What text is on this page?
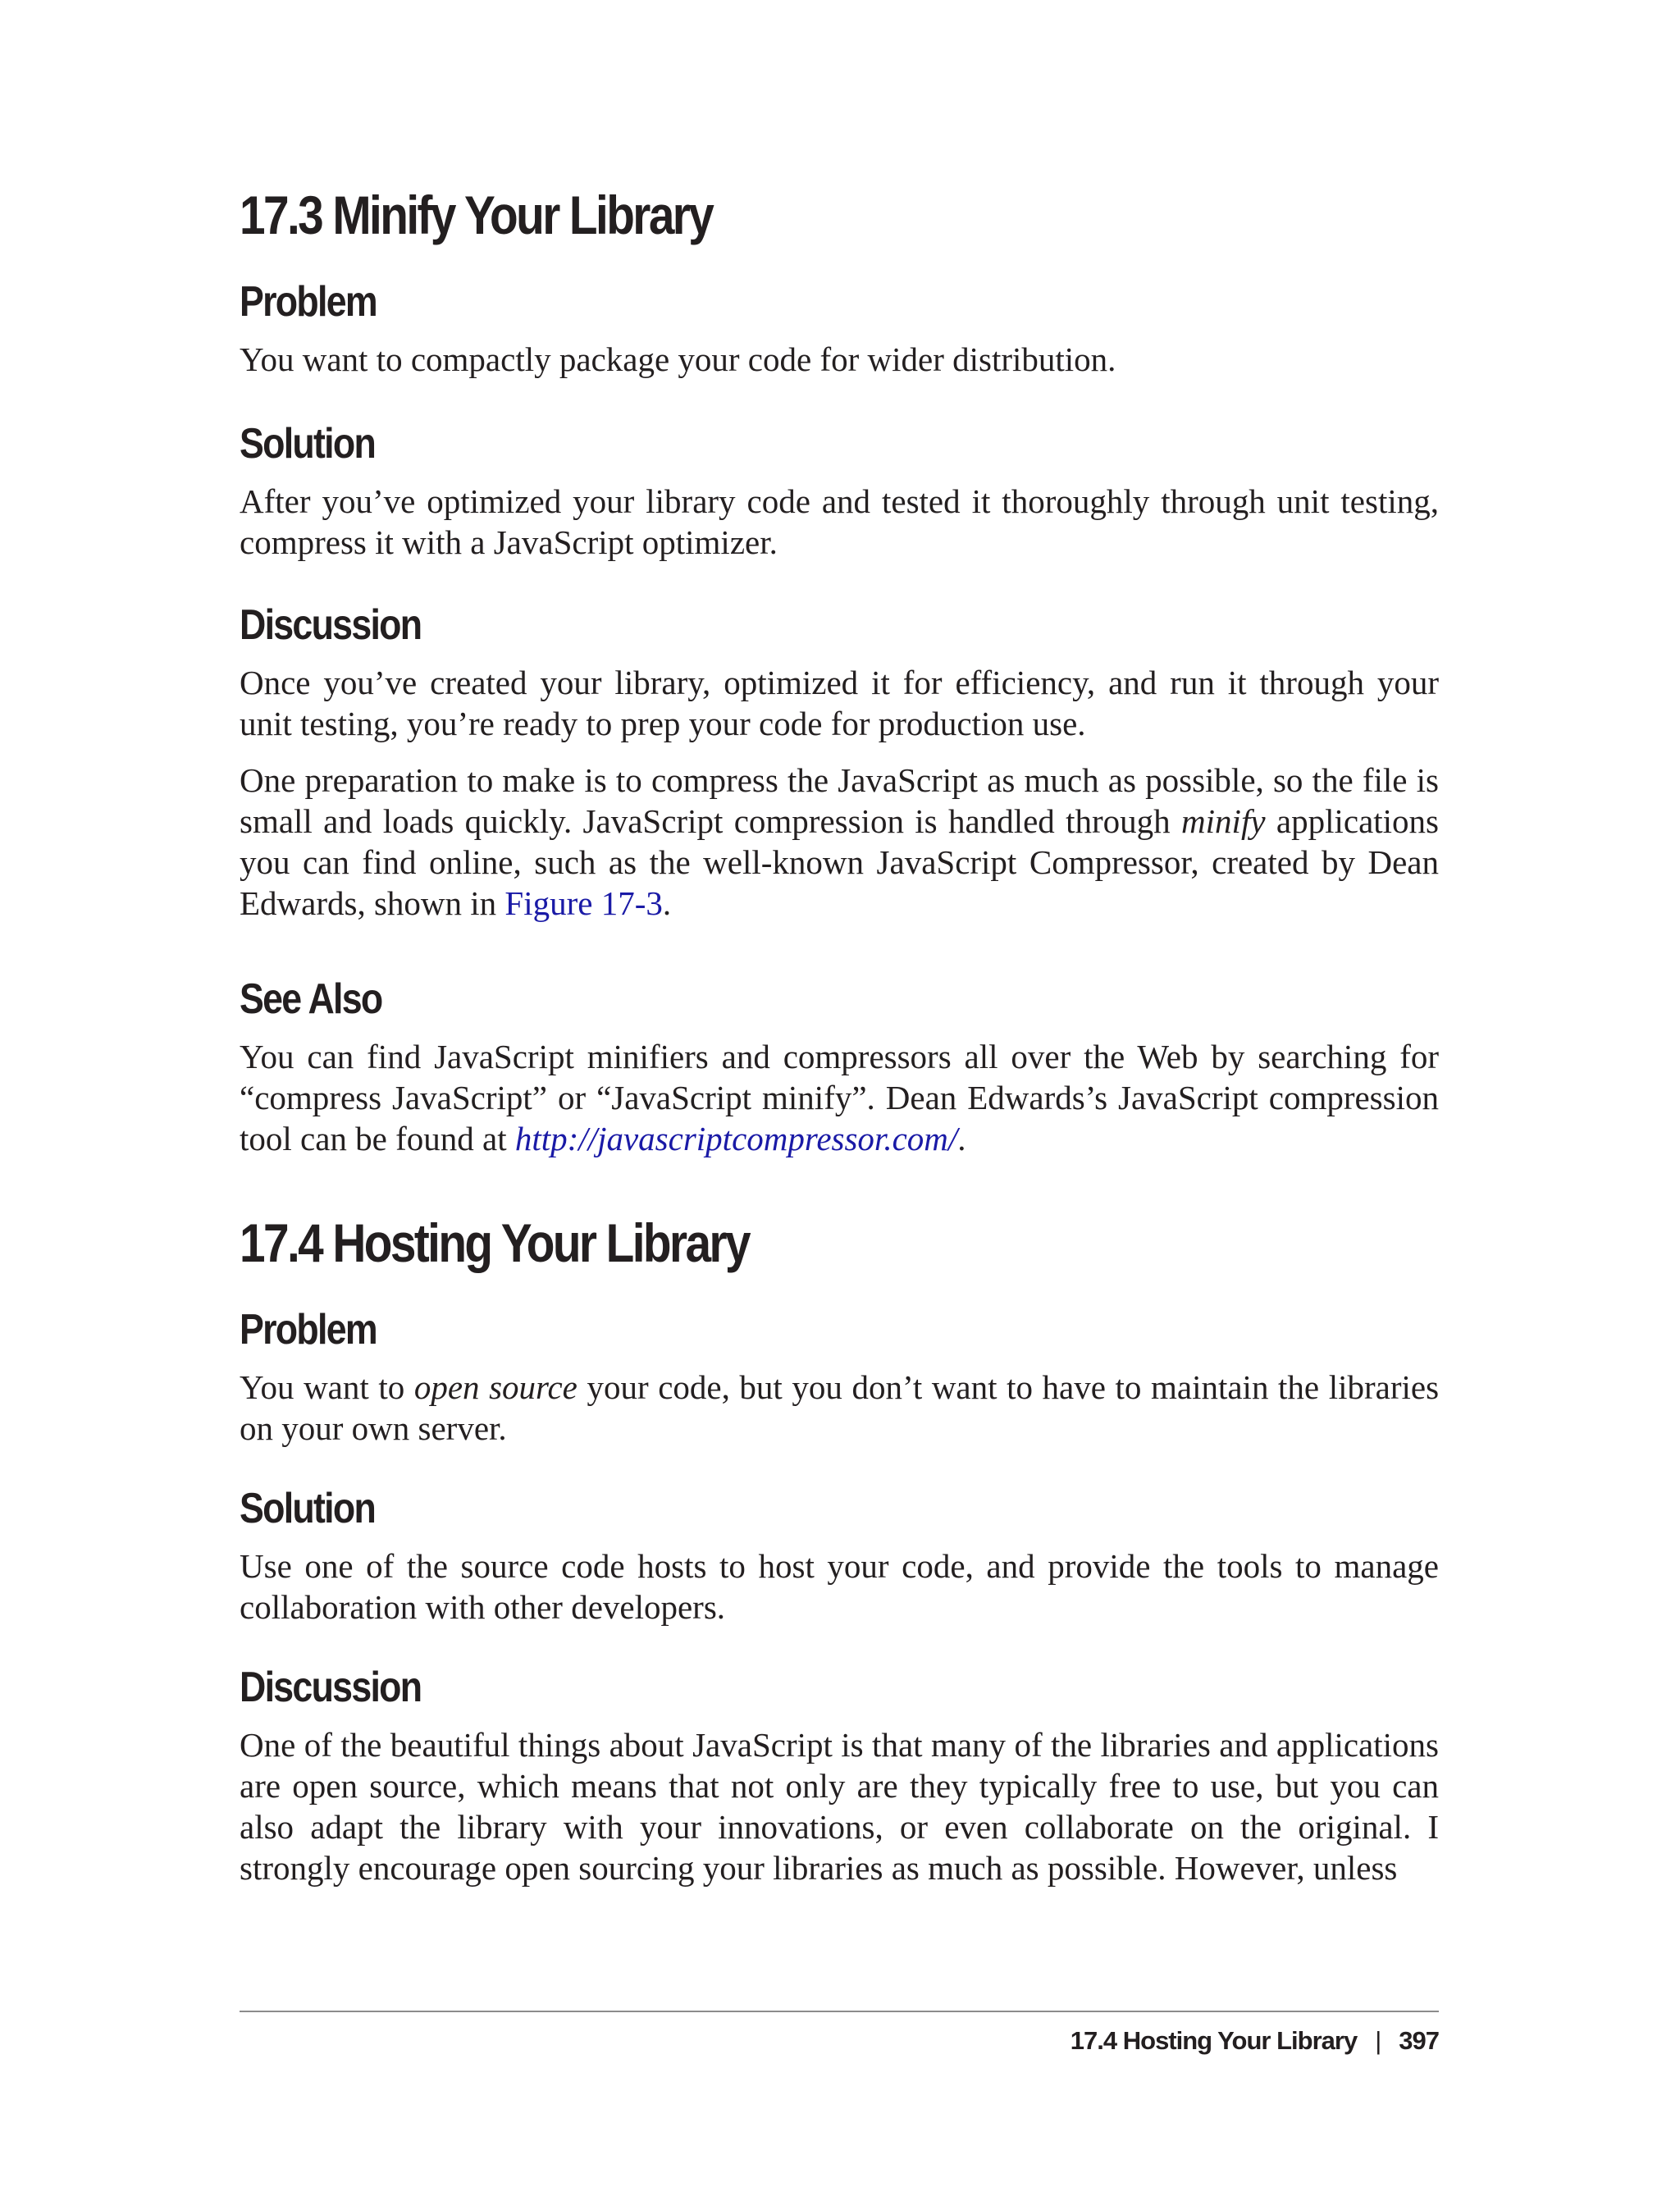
17.3 Minify Your Library
Problem

You want to compactly package your code for wider distribution.

Solution

After you’ve optimized your library code and tested it thoroughly through unit testing, compress it with a JavaScript optimizer.

Discussion

Once you’ve created your library, optimized it for efficiency, and run it through your unit testing, you’re ready to prep your code for production use.

One preparation to make is to compress the JavaScript as much as possible, so the file is small and loads quickly. JavaScript compression is handled through minify applications you can find online, such as the well-known JavaScript Compressor, created by Dean Edwards, shown in Figure 17-3.

See Also

You can find JavaScript minifiers and compressors all over the Web by searching for “compress JavaScript” or “JavaScript minify”. Dean Edwards’s JavaScript compression tool can be found at http://javascriptcompressor.com/.

17.4 Hosting Your Library
Problem

You want to open source your code, but you don’t want to have to maintain the libraries on your own server.

Solution

Use one of the source code hosts to host your code, and provide the tools to manage collaboration with other developers.

Discussion

One of the beautiful things about JavaScript is that many of the libraries and applications are open source, which means that not only are they typically free to use, but you can also adapt the library with your innovations, or even collaborate on the original. I strongly encourage open sourcing your libraries as much as possible. However, unless

17.4 Hosting Your Library | 397
